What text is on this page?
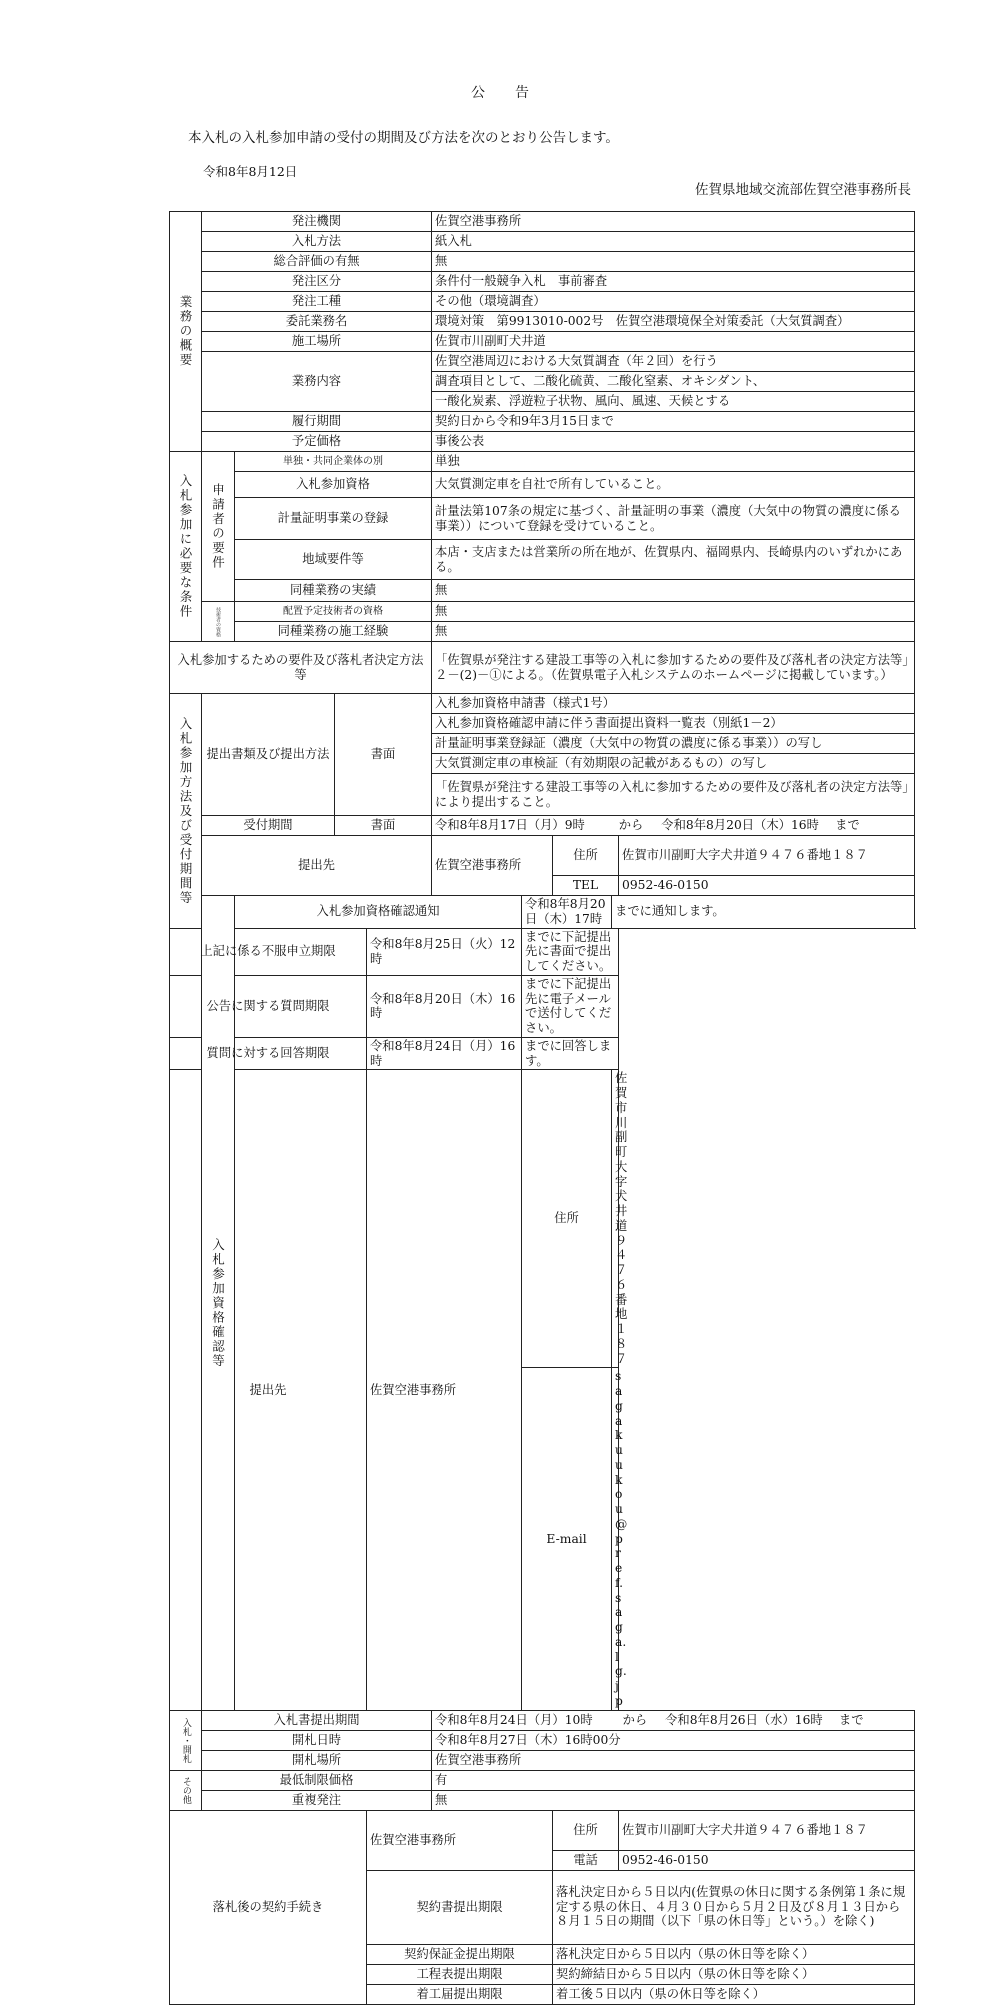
公告
本入札の入札参加申請の受付の期間及び方法を次のとおり公告します。
令和8年8月12日
佐賀県地域交流部佐賀空港事務所長
業務の概要	発注機関				佐賀空港事務所				
	入札方法				紙入札				
	総合評価の有無				無				
	発注区分				条件付一般競争入札　事前審査				
	発注工種				その他（環境調査）				
	委託業務名				環境対策　第9913010-002号　佐賀空港環境保全対策委託（大気質調査）				
	施工場所				佐賀市川副町犬井道				
	業務内容				佐賀空港周辺における大気質調査（年２回）を行う				
					調査項目として、二酸化硫黄、二酸化窒素、オキシダント、				
					一酸化炭素、浮遊粒子状物、風向、風速、天候とする				
	履行期間				契約日から令和9年3月15日まで				
	予定価格				事後公表				
入札参加に必要な条件	申請者の要件	単独・共同企業体の別			単独				
		入札参加資格			大気質測定車を自社で所有していること。				
		計量証明事業の登録			計量法第107条の規定に基づく、計量証明の事業（濃度（大気中の物質の濃度に係る事業））について登録を受けていること。				
		地域要件等			本店・支店または営業所の所在地が、佐賀県内、福岡県内、長崎県内のいずれかにある。				
		同種業務の実績			無				
	技術者の資格	配置予定技術者の資格			無				
		同種業務の施工経験			無				
入札参加するための要件及び落札者決定方法等					「佐賀県が発注する建設工事等の入札に参加するための要件及び落札者の決定方法等」２－(2)－①による。（佐賀県電子入札システムのホームページに掲載しています。）				
入札参加方法及び受付期間等	提出書類及び提出方法		書面		入札参加資格申請書（様式1号）				
					入札参加資格確認申請に伴う書面提出資料一覧表（別紙1－2）				
					計量証明事業登録証（濃度（大気中の物質の濃度に係る事業））の写し				
					大気質測定車の車検証（有効期限の記載があるもの）の写し				
					「佐賀県が発注する建設工事等の入札に参加するための要件及び落札者の決定方法等」により提出すること。				
	受付期間		書面		令和8年8月17日（月）9時 から 令和8年8月20日（木）16時　 まで				
	提出先				佐賀空港事務所		住所		佐賀市川副町大字犬井道９４７６番地１８７
							TEL		0952-46-0150
	入札参加資格確認等	入札参加資格確認通知				令和8年8月20日（木）17時		までに通知します。	
上記に係る不服申立期限				令和8年8月25日（火）12時		までに下記提出先に書面で提出してください。			
公告に関する質問期限				令和8年8月20日（木）16時		までに下記提出先に電子メールで送付してください。			
質問に対する回答期限				令和8年8月24日（月）16時		までに回答します。			
提出先				佐賀空港事務所		住所		佐賀市川副町大字犬井道９４７６番地１８７	
						E-mail		sagakuukou@pref.saga.lg.jp	
入札・開札	入札書提出期間				令和8年8月24日（月）10時 から 令和8年8月26日（水）16時　 まで				
	開札日時				令和8年8月27日（木）16時00分				
	開札場所				佐賀空港事務所				
その他	最低制限価格				有				
	重複発注				無				
落札後の契約手続き				佐賀空港事務所			住所		佐賀市川副町大字犬井道９４７６番地１８７
							電話		0952-46-0150
				契約書提出期限			落札決定日から５日以内(佐賀県の休日に関する条例第１条に規定する県の休日、４月３０日から５月２日及び８月１３日から８月１５日の期間（以下「県の休日等」という。）を除く)		
				契約保証金提出期限			落札決定日から５日以内（県の休日等を除く）		
				工程表提出期限			契約締結日から５日以内（県の休日等を除く）		
				着工届提出期限			着工後５日以内（県の休日等を除く）		
